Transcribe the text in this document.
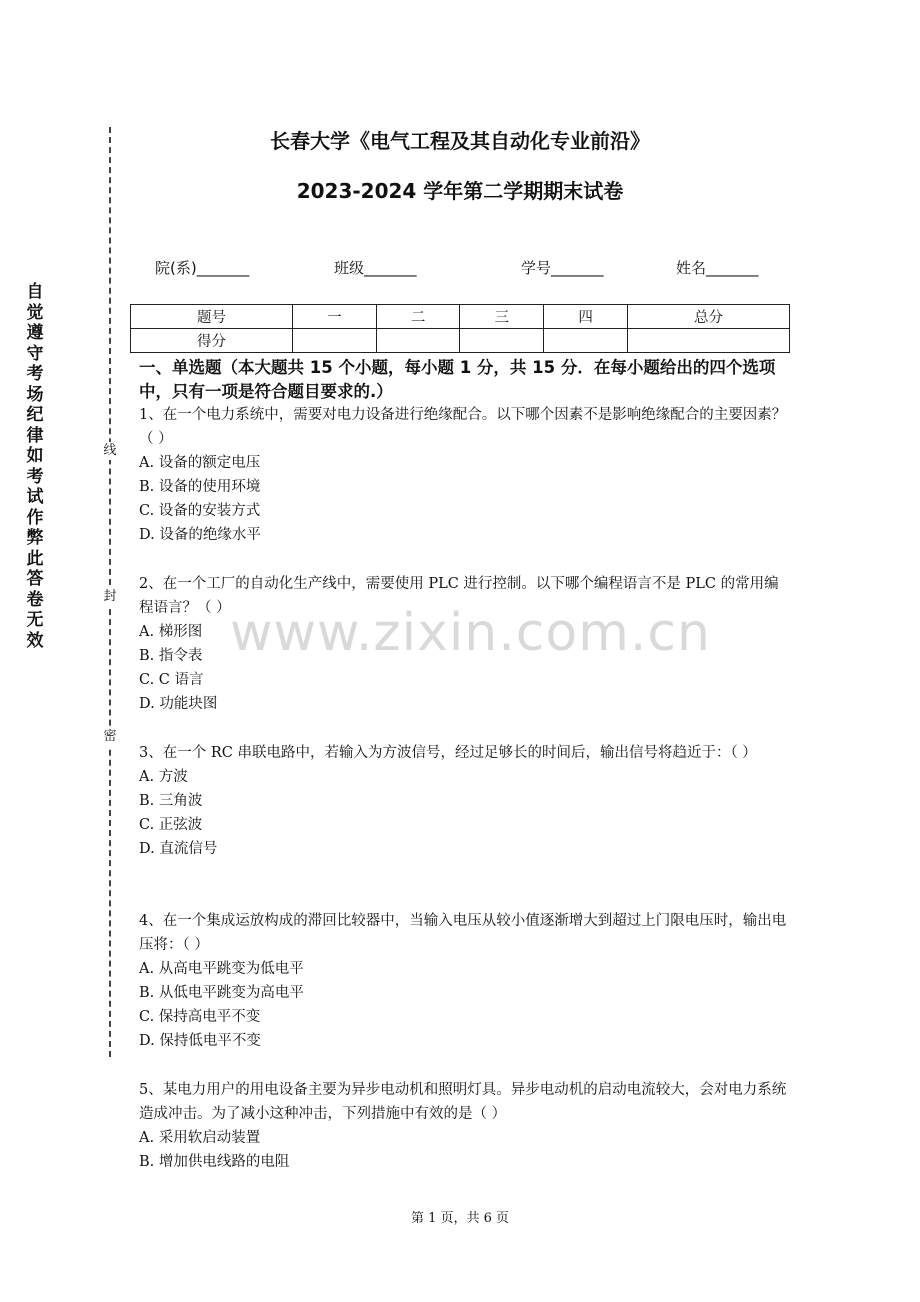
自觉遵守考场纪律如考试作弊此答卷无效
线
封
密
长春大学《电气工程及其自动化专业前沿》
2023-2024 学年第二学期期末试卷
院(系)_______	班级_______	学号_______	姓名_______
题号	一	二	三	四	总分
得分					
一、单选题（本大题共 15 个小题，每小题 1 分，共 15 分．在每小题给出的四个选项中，只有一项是符合题目要求的.）

1、在一个电力系统中，需要对电力设备进行绝缘配合。以下哪个因素不是影响绝缘配合的主要因素？（ ）

A. 设备的额定电压

B. 设备的使用环境

C. 设备的安装方式

D. 设备的绝缘水平

2、在一个工厂的自动化生产线中，需要使用 PLC 进行控制。以下哪个编程语言不是 PLC 的常用编程语言？（ ）

A. 梯形图

B. 指令表

C. C 语言

D. 功能块图

3、在一个 RC 串联电路中，若输入为方波信号，经过足够长的时间后，输出信号将趋近于：（ ）

A. 方波

B. 三角波

C. 正弦波

D. 直流信号

4、在一个集成运放构成的滞回比较器中，当输入电压从较小值逐渐增大到超过上门限电压时，输出电压将：（ ）

A. 从高电平跳变为低电平

B. 从低电平跳变为高电平

C. 保持高电平不变

D. 保持低电平不变

5、某电力用户的用电设备主要为异步电动机和照明灯具。异步电动机的启动电流较大，会对电力系统造成冲击。为了减小这种冲击，下列措施中有效的是（ ）

A. 采用软启动装置

B. 增加供电线路的电阻

www.zixin.com.cn
第 1 页，共 6 页
